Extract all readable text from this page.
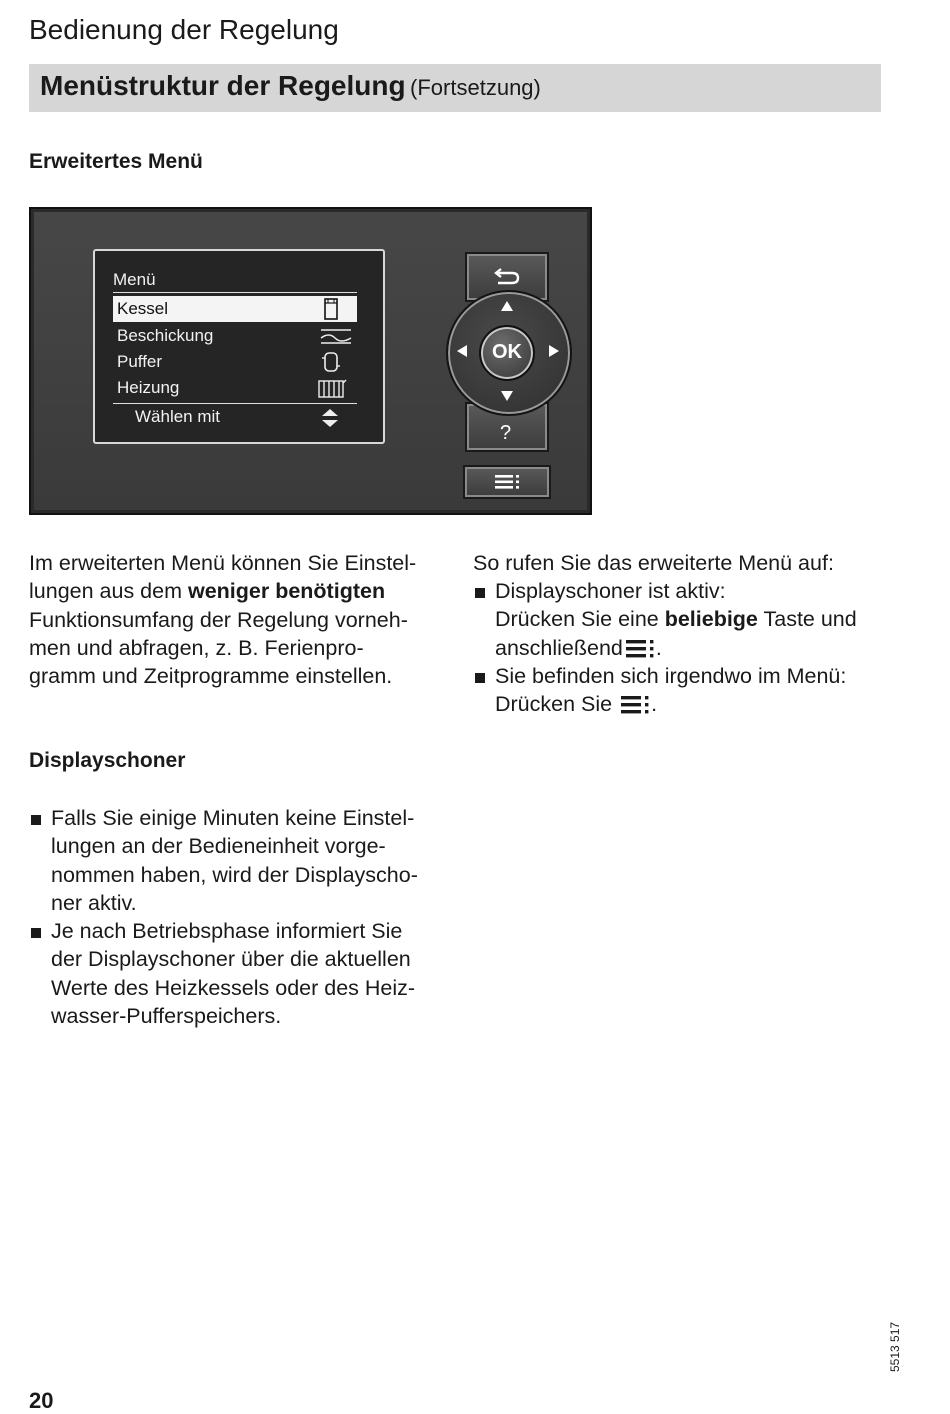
Bedienung der Regelung
Menüstruktur der Regelung (Fortsetzung)
Erweitertes Menü
Menü
Kessel
Beschickung
Puffer
Heizung
Wählen mit
?
OK
Im erweiterten Menü können Sie Einstel-
lungen aus dem weniger benötigten
Funktionsumfang der Regelung vorneh-
men und abfragen, z. B. Ferienpro-
gramm und Zeitprogramme einstellen.
So rufen Sie das erweiterte Menü auf:
Displayschoner ist aktiv:
Drücken Sie eine beliebige Taste und
anschließend .
Sie befinden sich irgendwo im Menü:
Drücken Sie .
Displayschoner
Falls Sie einige Minuten keine Einstel-
lungen an der Bedieneinheit vorge-
nommen haben, wird der Displayscho-
ner aktiv.
Je nach Betriebsphase informiert Sie
der Displayschoner über die aktuellen
Werte des Heizkessels oder des Heiz-
wasser-Pufferspeichers.
5513 517
20
